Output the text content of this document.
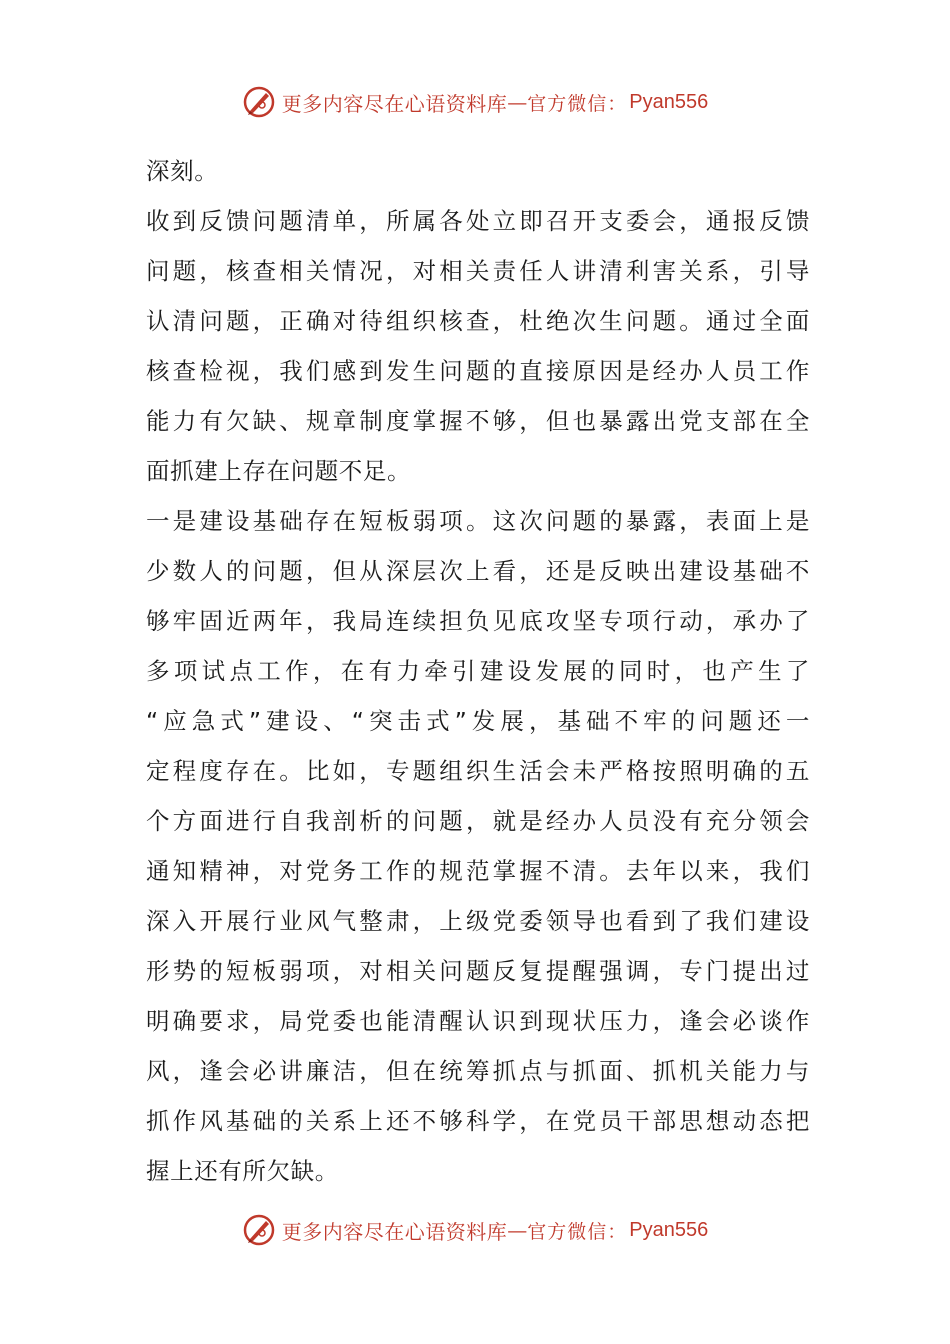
更多内容尽在心语资料库 — 官方微信： Pyan556
深刻。
收到反馈问题清单，所属各处立即召开支委会，通报反馈
问题，核查相关情况，对相关责任人讲清利害关系，引导
认清问题，正确对待组织核查，杜绝次生问题。通过全面
核查检视，我们感到发生问题的直接原因是经办人员工作
能力有欠缺、规章制度掌握不够，但也暴露出党支部在全
面抓建上存在问题不足。
一是建设基础存在短板弱项。这次问题的暴露，表面上是
少数人的问题，但从深层次上看，还是反映出建设基础不
够牢固近两年，我局连续担负见底攻坚专项行动，承办了
多项试点工作，在有力牵引建设发展的同时，也产生了
“应急式”建设、“突击式”发展，基础不牢的问题还一
定程度存在。比如，专题组织生活会未严格按照明确的五
个方面进行自我剖析的问题，就是经办人员没有充分领会
通知精神，对党务工作的规范掌握不清。去年以来，我们
深入开展行业风气整肃，上级党委领导也看到了我们建设
形势的短板弱项，对相关问题反复提醒强调，专门提出过
明确要求，局党委也能清醒认识到现状压力，逢会必谈作
风，逢会必讲廉洁，但在统筹抓点与抓面、抓机关能力与
抓作风基础的关系上还不够科学，在党员干部思想动态把
握上还有所欠缺。
更多内容尽在心语资料库 — 官方微信： Pyan556
